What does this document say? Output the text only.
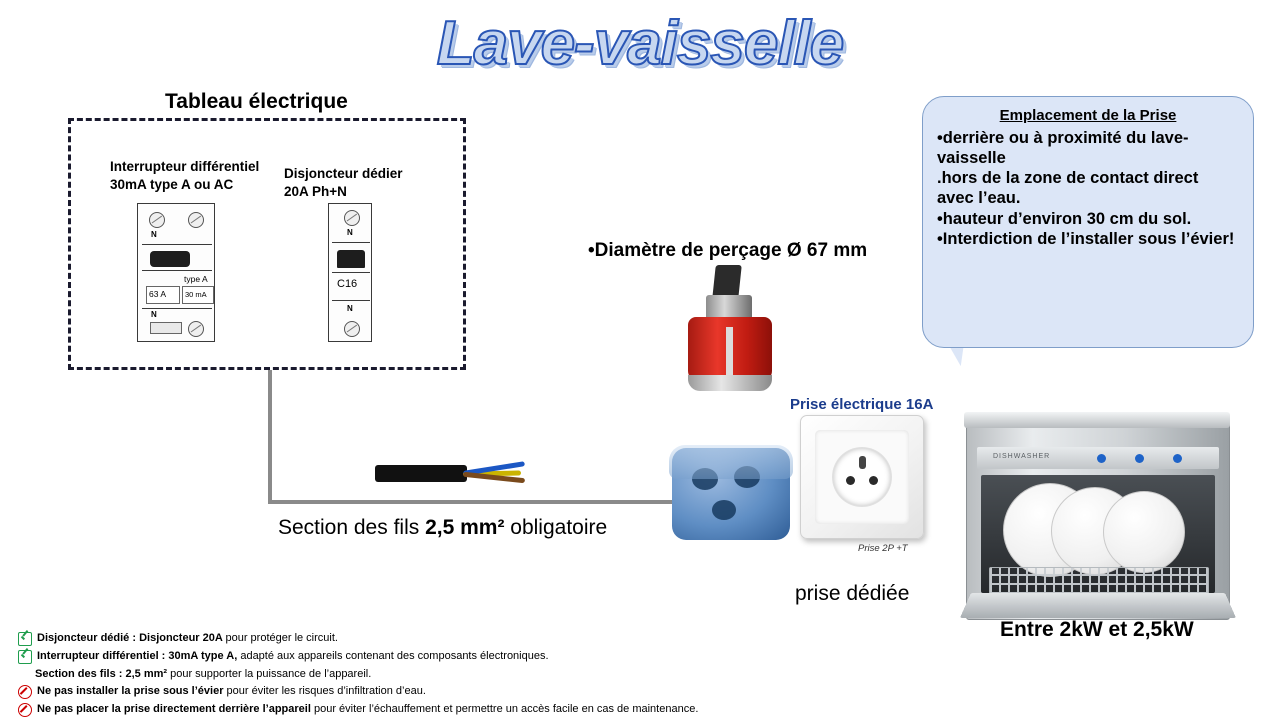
Lave-vaisselle
Tableau électrique
Interrupteur différentiel
30mA type A ou AC
Disjoncteur dédier
20A Ph+N
N
type A
63 A	30 mA
N
N
C16
N
Section des fils 2,5 mm² obligatoire
•Diamètre de perçage Ø 67 mm
Prise électrique 16A
Prise 2P +T
prise dédiée
Emplacement de la Prise
•derrière ou à proximité du lave-vaisselle
.hors de la zone de contact direct avec l’eau.
•hauteur d’environ 30 cm du sol.
•Interdiction de l’installer sous l’évier!
DISHWASHER
Entre 2kW et 2,5kW
Disjoncteur dédié : Disjoncteur 20A pour protéger le circuit.
Interrupteur différentiel : 30mA type A, adapté aux appareils contenant des composants électroniques.
Section des fils : 2,5 mm² pour supporter la puissance de l’appareil.
Ne pas installer la prise sous l’évier pour éviter les risques d’infiltration d’eau.
Ne pas placer la prise directement derrière l’appareil pour éviter l’échauffement et permettre un accès facile en cas de maintenance.
